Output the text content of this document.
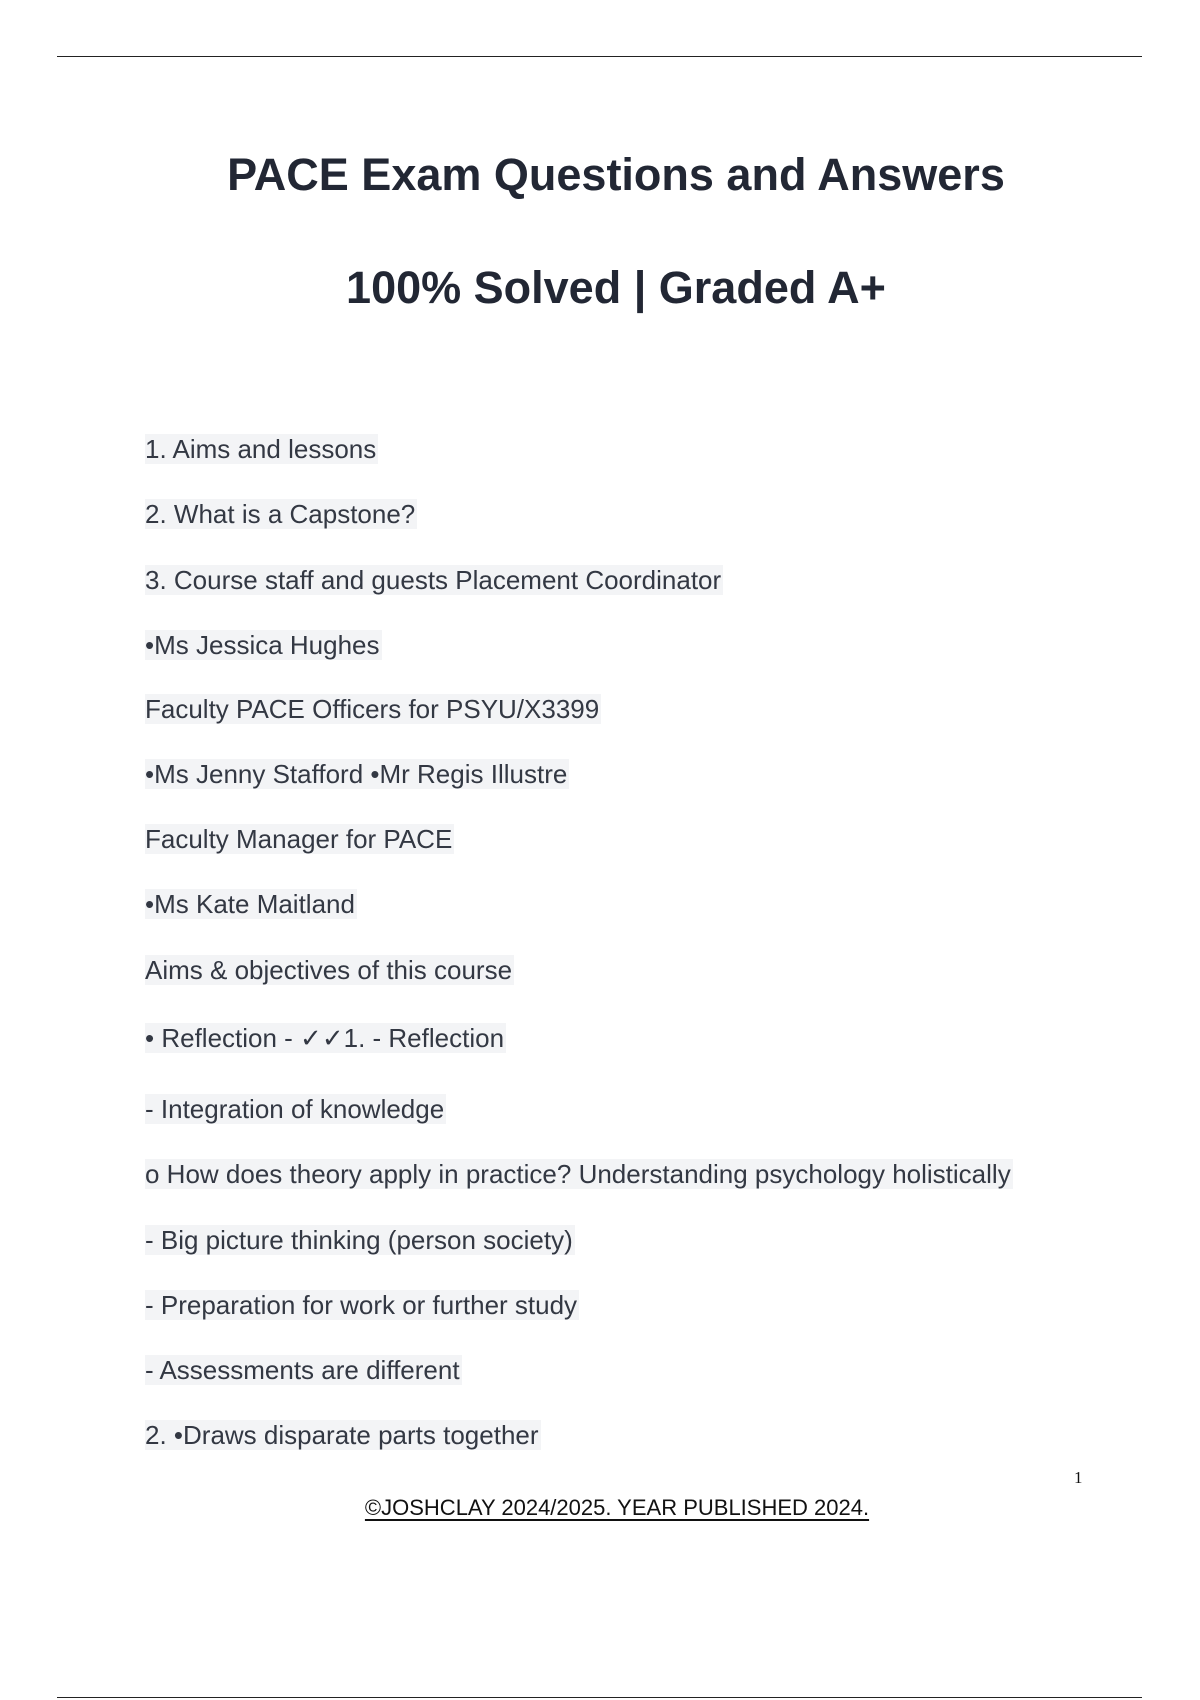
PACE Exam Questions and Answers
100% Solved | Graded A+
1. Aims and lessons
2. What is a Capstone?
3. Course staff and guests Placement Coordinator
•Ms Jessica Hughes
Faculty PACE Officers for PSYU/X3399
•Ms Jenny Stafford •Mr Regis Illustre
Faculty Manager for PACE
•Ms Kate Maitland
Aims & objectives of this course
• Reflection - ✓✓1. - Reflection
- Integration of knowledge
o How does theory apply in practice? Understanding psychology holistically
- Big picture thinking (person society)
- Preparation for work or further study
- Assessments are different
2. •Draws disparate parts together
1
©JOSHCLAY 2024/2025. YEAR PUBLISHED 2024.
